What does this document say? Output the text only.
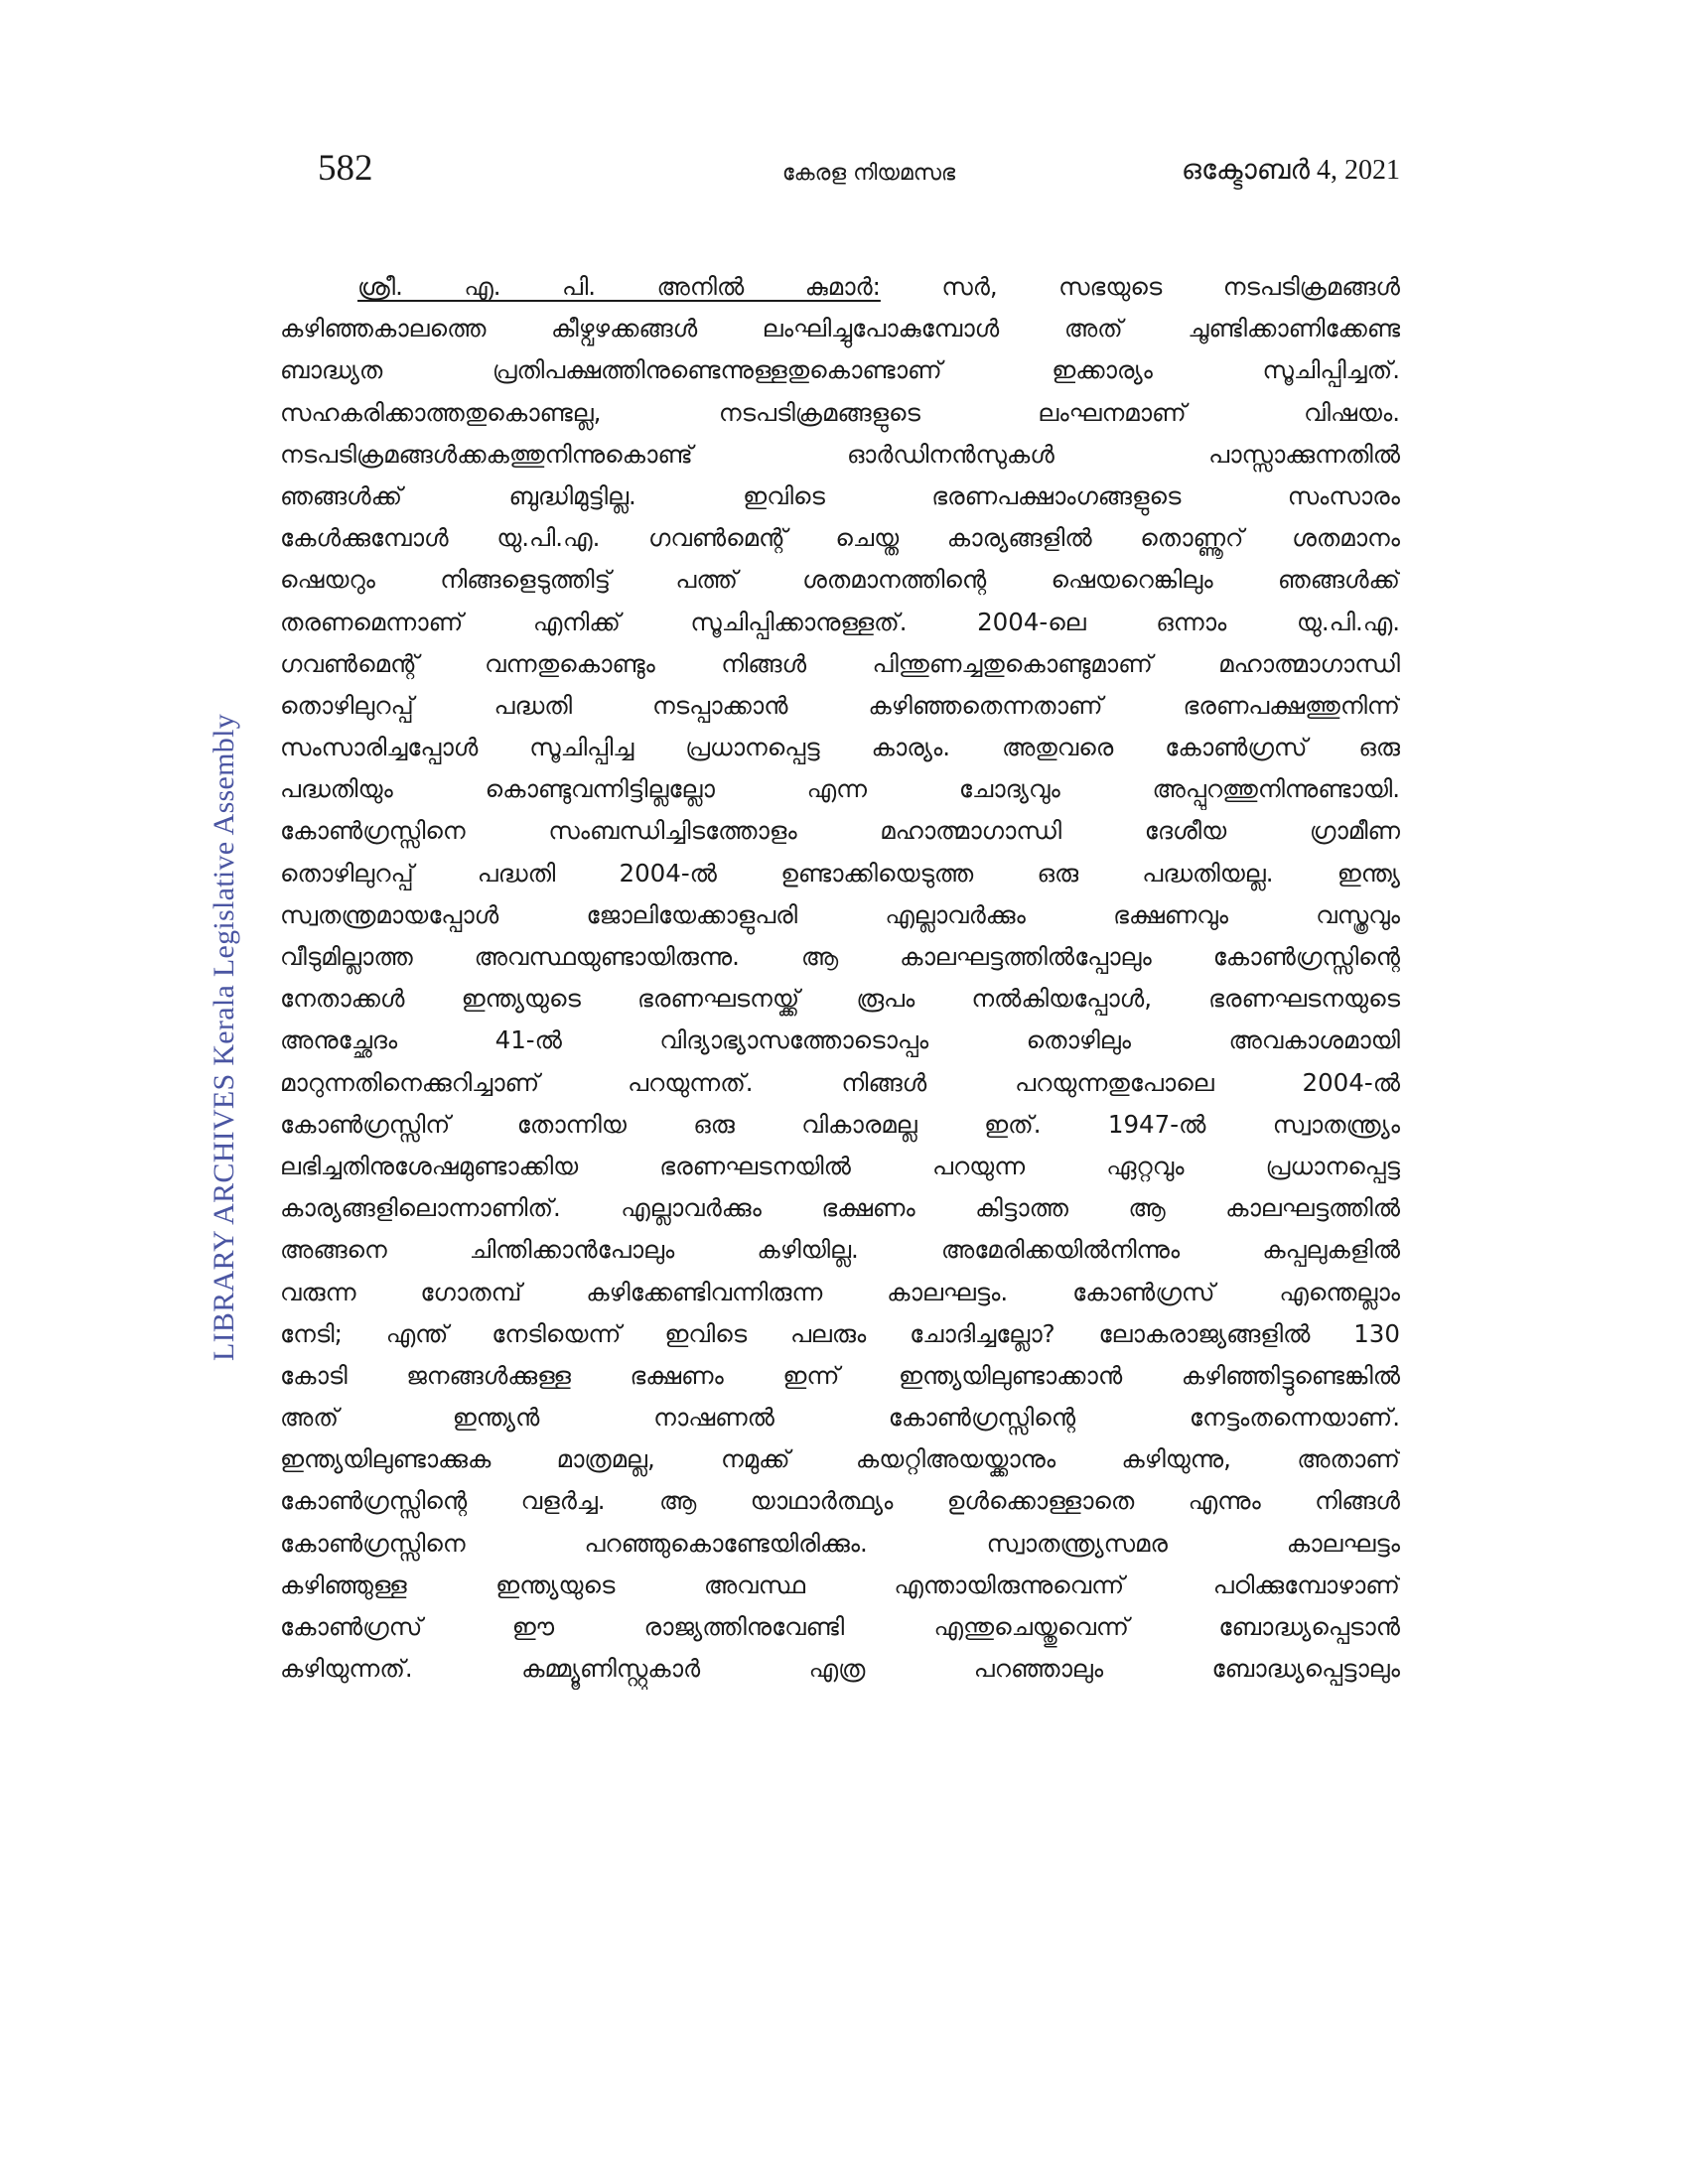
582	കേരള നിയമസഭ	ഒക്ടോബർ 4, 2021
LIBRARY ARCHIVES Kerala Legislative Assembly
ശ്രീ. എ. പി. അനിൽ കുമാർ: സർ, സഭയുടെ നടപടിക്രമങ്ങൾ
കഴിഞ്ഞകാലത്തെ കീഴ്വഴക്കങ്ങൾ ലംഘിച്ചുപോകുമ്പോൾ അത് ചൂണ്ടിക്കാണിക്കേണ്ട
ബാദ്ധ്യത പ്രതിപക്ഷത്തിനുണ്ടെന്നുള്ളതുകൊണ്ടാണ് ഇക്കാര്യം സൂചിപ്പിച്ചത്.
സഹകരിക്കാത്തതുകൊണ്ടല്ല, നടപടിക്രമങ്ങളുടെ ലംഘനമാണ് വിഷയം.
നടപടിക്രമങ്ങൾക്കകത്തുനിന്നുകൊണ്ട് ഓർഡിനൻസുകൾ പാസ്സാക്കുന്നതിൽ
ഞങ്ങൾക്ക് ബുദ്ധിമുട്ടില്ല. ഇവിടെ ഭരണപക്ഷാംഗങ്ങളുടെ സംസാരം
കേൾക്കുമ്പോൾ യു.പി.എ. ഗവൺമെന്റ് ചെയ്ത കാര്യങ്ങളിൽ തൊണ്ണൂറ് ശതമാനം
ഷെയറും നിങ്ങളെടുത്തിട്ട് പത്ത് ശതമാനത്തിന്റെ ഷെയറെങ്കിലും ഞങ്ങൾക്ക്
തരണമെന്നാണ് എനിക്ക് സൂചിപ്പിക്കാനുള്ളത്. 2004-ലെ ഒന്നാം യു.പി.എ.
ഗവൺമെന്റ് വന്നതുകൊണ്ടും നിങ്ങൾ പിന്തുണച്ചതുകൊണ്ടുമാണ് മഹാത്മാഗാന്ധി
തൊഴിലുറപ്പ് പദ്ധതി നടപ്പാക്കാൻ കഴിഞ്ഞതെന്നതാണ് ഭരണപക്ഷത്തുനിന്ന്
സംസാരിച്ചപ്പോൾ സൂചിപ്പിച്ച പ്രധാനപ്പെട്ട കാര്യം. അതുവരെ കോൺഗ്രസ് ഒരു
പദ്ധതിയും കൊണ്ടുവന്നിട്ടില്ലല്ലോ എന്ന ചോദ്യവും അപ്പുറത്തുനിന്നുണ്ടായി.
കോൺഗ്രസ്സിനെ സംബന്ധിച്ചിടത്തോളം മഹാത്മാഗാന്ധി ദേശീയ ഗ്രാമീണ
തൊഴിലുറപ്പ് പദ്ധതി 2004-ൽ ഉണ്ടാക്കിയെടുത്ത ഒരു പദ്ധതിയല്ല. ഇന്ത്യ
സ്വതന്ത്രമായപ്പോൾ ജോലിയേക്കാളുപരി എല്ലാവർക്കും ഭക്ഷണവും വസ്ത്രവും
വീടുമില്ലാത്ത അവസ്ഥയുണ്ടായിരുന്നു. ആ കാലഘട്ടത്തിൽപ്പോലും കോൺഗ്രസ്സിന്റെ
നേതാക്കൾ ഇന്ത്യയുടെ ഭരണഘടനയ്ക്ക് രൂപം നൽകിയപ്പോൾ, ഭരണഘടനയുടെ
അനുച്ഛേദം 41-ൽ വിദ്യാഭ്യാസത്തോടൊപ്പം തൊഴിലും അവകാശമായി
മാറുന്നതിനെക്കുറിച്ചാണ് പറയുന്നത്. നിങ്ങൾ പറയുന്നതുപോലെ 2004-ൽ
കോൺഗ്രസ്സിന് തോന്നിയ ഒരു വികാരമല്ല ഇത്. 1947-ൽ സ്വാതന്ത്ര്യം
ലഭിച്ചതിനുശേഷമുണ്ടാക്കിയ ഭരണഘടനയിൽ പറയുന്ന ഏറ്റവും പ്രധാനപ്പെട്ട
കാര്യങ്ങളിലൊന്നാണിത്. എല്ലാവർക്കും ഭക്ഷണം കിട്ടാത്ത ആ കാലഘട്ടത്തിൽ
അങ്ങനെ ചിന്തിക്കാൻപോലും കഴിയില്ല. അമേരിക്കയിൽനിന്നും കപ്പലുകളിൽ
വരുന്ന ഗോതമ്പ് കഴിക്കേണ്ടിവന്നിരുന്ന കാലഘട്ടം. കോൺഗ്രസ് എന്തെല്ലാം
നേടി; എന്ത് നേടിയെന്ന് ഇവിടെ പലരും ചോദിച്ചല്ലോ? ലോകരാജ്യങ്ങളിൽ 130
കോടി ജനങ്ങൾക്കുള്ള ഭക്ഷണം ഇന്ന് ഇന്ത്യയിലുണ്ടാക്കാൻ കഴിഞ്ഞിട്ടുണ്ടെങ്കിൽ
അത് ഇന്ത്യൻ നാഷണൽ കോൺഗ്രസ്സിന്റെ നേട്ടംതന്നെയാണ്.
ഇന്ത്യയിലുണ്ടാക്കുക മാത്രമല്ല, നമുക്ക് കയറ്റിഅയയ്ക്കാനും കഴിയുന്നു, അതാണ്
കോൺഗ്രസ്സിന്റെ വളർച്ച. ആ യാഥാർത്ഥ്യം ഉൾക്കൊള്ളാതെ എന്നും നിങ്ങൾ
കോൺഗ്രസ്സിനെ പറഞ്ഞുകൊണ്ടേയിരിക്കും. സ്വാതന്ത്ര്യസമര കാലഘട്ടം
കഴിഞ്ഞുള്ള ഇന്ത്യയുടെ അവസ്ഥ എന്തായിരുന്നുവെന്ന് പഠിക്കുമ്പോഴാണ്
കോൺഗ്രസ് ഈ രാജ്യത്തിനുവേണ്ടി എന്തുചെയ്തുവെന്ന് ബോദ്ധ്യപ്പെടാൻ
കഴിയുന്നത്. കമ്മ്യൂണിസ്റ്റുകാർ എത്ര പറഞ്ഞാലും ബോദ്ധ്യപ്പെട്ടാലും
